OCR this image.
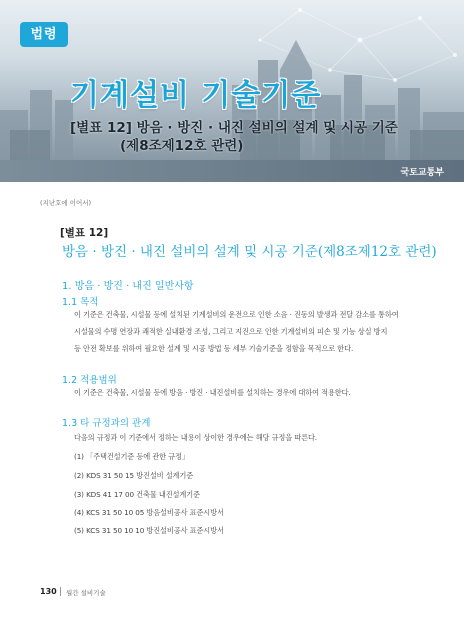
법령
기계설비 기술기준

[별표 12] 방음 · 방진 · 내진 설비의 설계 및 시공 기준

(제8조제12호 관련)

국토교통부
(지난호에 이어서)
[별표 12]
방음 · 방진 · 내진 설비의 설계 및 시공 기준(제8조제12호 관련)
1. 방음 · 방진 · 내진 일반사항
1.1 목적
이 기준은 건축물, 시설물 등에 설치된 기계설비의 운전으로 인한 소음 · 진동의 발생과 전달 감소를 통하여
시설물의 수명 연장과 쾌적한 실내환경 조성, 그리고 지진으로 인한 기계설비의 피손 및 기능 상실 방지
등 안전 확보를 위하여 필요한 설계 및 시공 방법 등 세부 기술기준을 정함을 목적으로 한다.
1.2 적용범위
이 기준은 건축물, 시설물 등에 방음 · 방진 · 내진설비를 설치하는 경우에 대하여 적용한다.
1.3 타 규정과의 관계
다음의 규정과 이 기준에서 정하는 내용이 상이한 경우에는 해당 규정을 따른다.
(1) 「주택건설기준 등에 관한 규정」
(2) KDS 31 50 15 방진설비 설계기준
(3) KDS 41 17 00 건축물 내진설계기준
(4) KCS 31 50 10 05 방음설비공사 표준시방서
(5) KCS 31 50 10 10 방진설비공사 표준시방서
130 월간 설비기술
